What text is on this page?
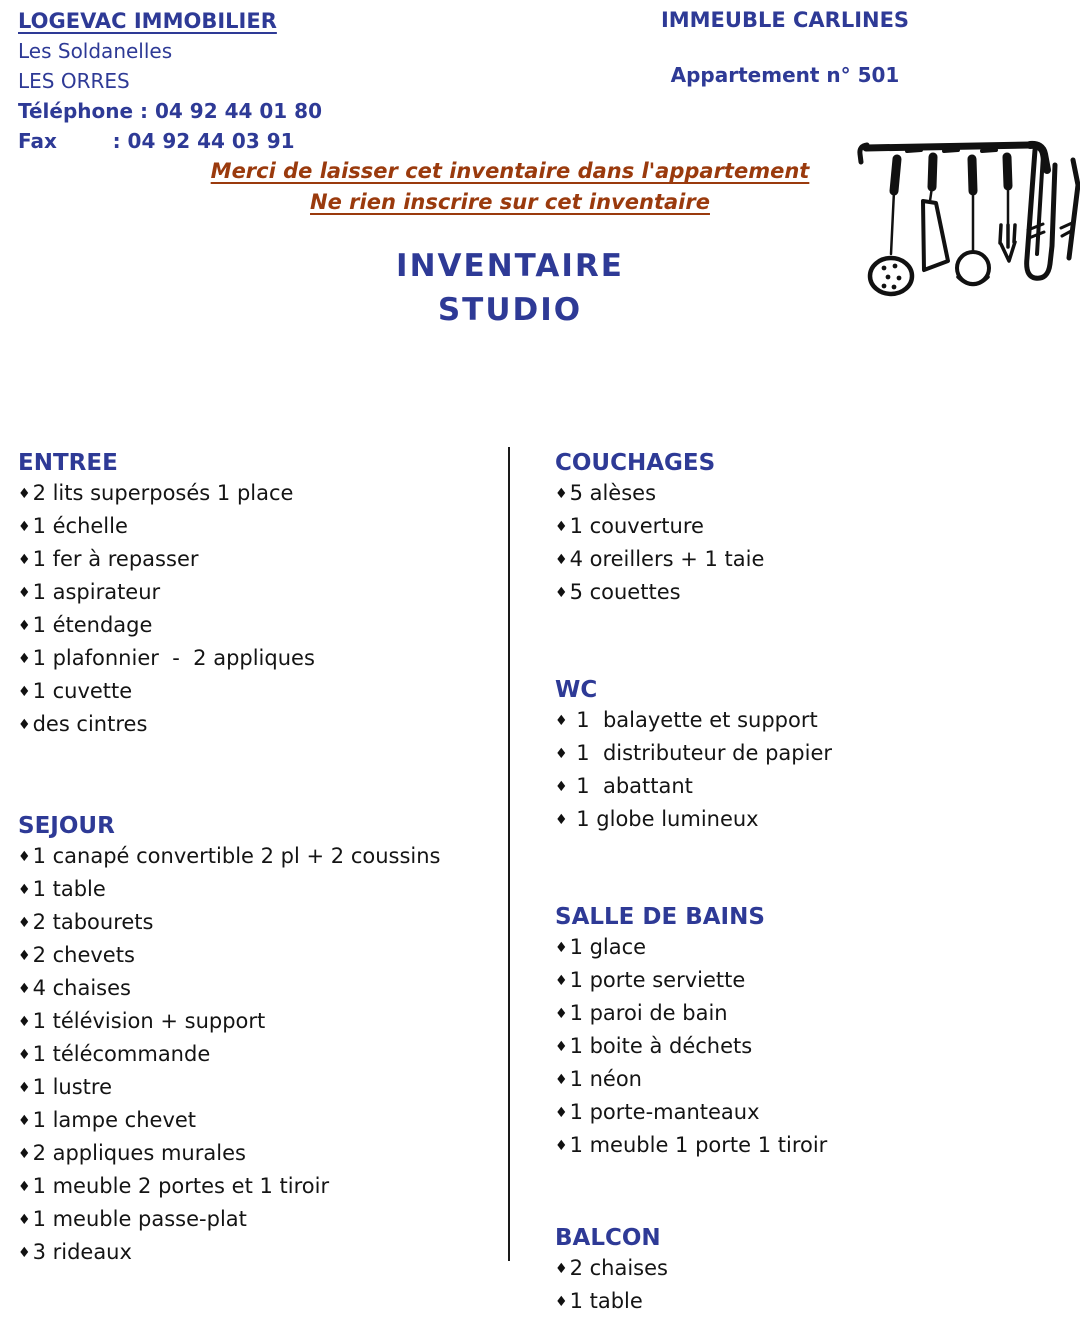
LOGEVAC IMMOBILIER
Les Soldanelles
LES ORRES
Téléphone : 04 92 44 01 80
Fax        : 04 92 44 03 91
IMMEUBLE CARLINES
Appartement n° 501
Merci de laisser cet inventaire dans l'appartement
Ne rien inscrire sur cet inventaire
INVENTAIRE
STUDIO
ENTREE
♦2 lits superposés 1 place
♦1 échelle
♦1 fer à repasser
♦1 aspirateur
♦1 étendage
♦1 plafonnier  -  2 appliques
♦1 cuvette
♦des cintres
SEJOUR
♦1 canapé convertible 2 pl + 2 coussins
♦1 table
♦2 tabourets
♦2 chevets
♦4 chaises
♦1 télévision + support
♦1 télécommande
♦1 lustre
♦1 lampe chevet
♦2 appliques murales
♦1 meuble 2 portes et 1 tiroir
♦1 meuble passe-plat
♦3 rideaux
COUCHAGES
♦5 alèses
♦1 couverture
♦4 oreillers + 1 taie
♦5 couettes
WC
♦ 1  balayette et support
♦ 1  distributeur de papier
♦ 1  abattant
♦ 1 globe lumineux
SALLE DE BAINS
♦1 glace
♦1 porte serviette
♦1 paroi de bain
♦1 boite à déchets
♦1 néon
♦1 porte-manteaux
♦1 meuble 1 porte 1 tiroir
BALCON
♦2 chaises
♦1 table
